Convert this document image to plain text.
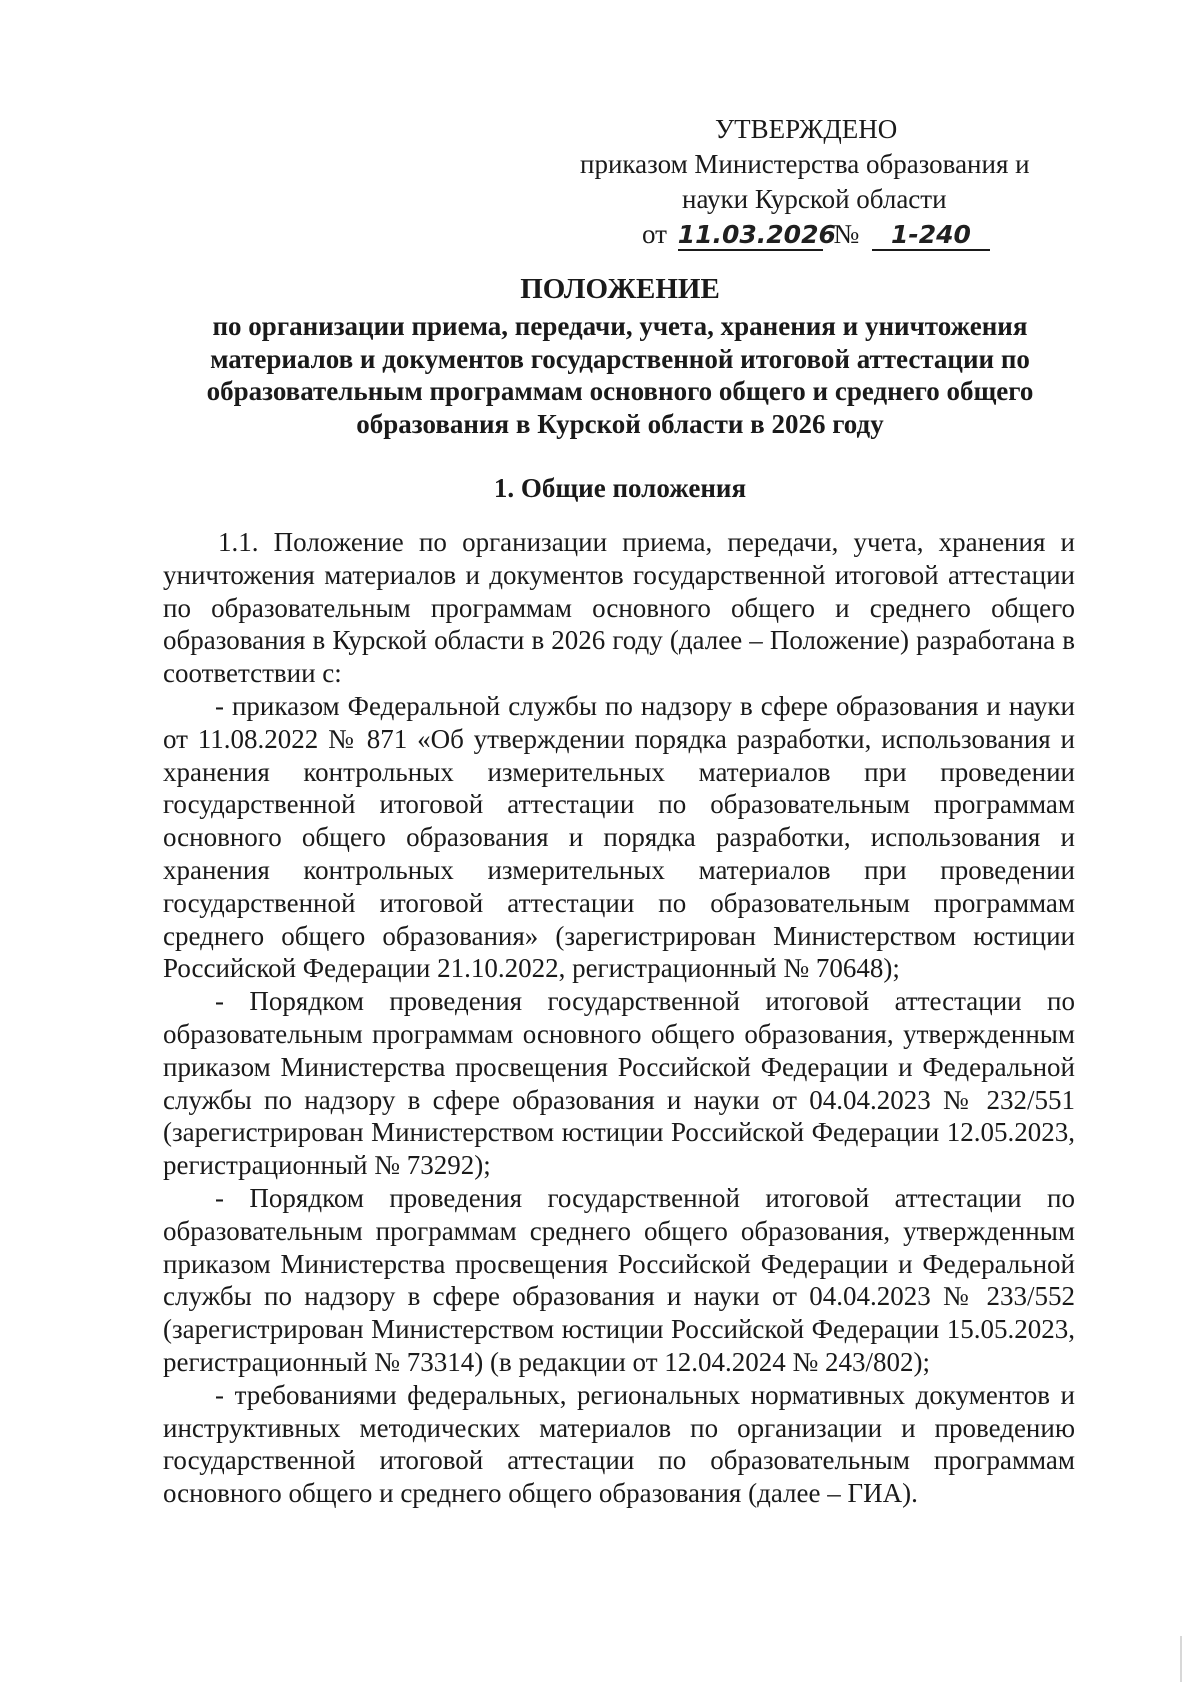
УТВЕРЖДЕНО
приказом Министерства образования и
науки Курской области
от 11.03.2026 № 1-240
ПОЛОЖЕНИЕ
по организации приема, передачи, учета, хранения и уничтожения
материалов и документов государственной итоговой аттестации по
образовательным программам основного общего и среднего общего
образования в Курской области в 2026 году
1. Общие положения

1.1. Положение по организации приема, передачи, учета, хранения и уничтожения материалов и документов государственной итоговой аттестации по образовательным программам основного общего и среднего общего образования в Курской области в 2026 году (далее – Положение) разработана в соответствии с:

- приказом Федеральной службы по надзору в сфере образования и науки от 11.08.2022 № 871 «Об утверждении порядка разработки, использования и хранения контрольных измерительных материалов при проведении государственной итоговой аттестации по образовательным программам основного общего образования и порядка разработки, использования и хранения контрольных измерительных материалов при проведении государственной итоговой аттестации по образовательным программам среднего общего образования» (зарегистрирован Министерством юстиции Российской Федерации 21.10.2022, регистрационный № 70648);

- Порядком проведения государственной итоговой аттестации по образовательным программам основного общего образования, утвержденным приказом Министерства просвещения Российской Федерации и Федеральной службы по надзору в сфере образования и науки от 04.04.2023 № 232/551 (зарегистрирован Министерством юстиции Российской Федерации 12.05.2023, регистрационный № 73292);

- Порядком проведения государственной итоговой аттестации по образовательным программам среднего общего образования, утвержденным приказом Министерства просвещения Российской Федерации и Федеральной службы по надзору в сфере образования и науки от 04.04.2023 № 233/552 (зарегистрирован Министерством юстиции Российской Федерации 15.05.2023, регистрационный № 73314) (в редакции от 12.04.2024 № 243/802);

- требованиями федеральных, региональных нормативных документов и инструктивных методических материалов по организации и проведению государственной итоговой аттестации по образовательным программам основного общего и среднего общего образования (далее – ГИА).
